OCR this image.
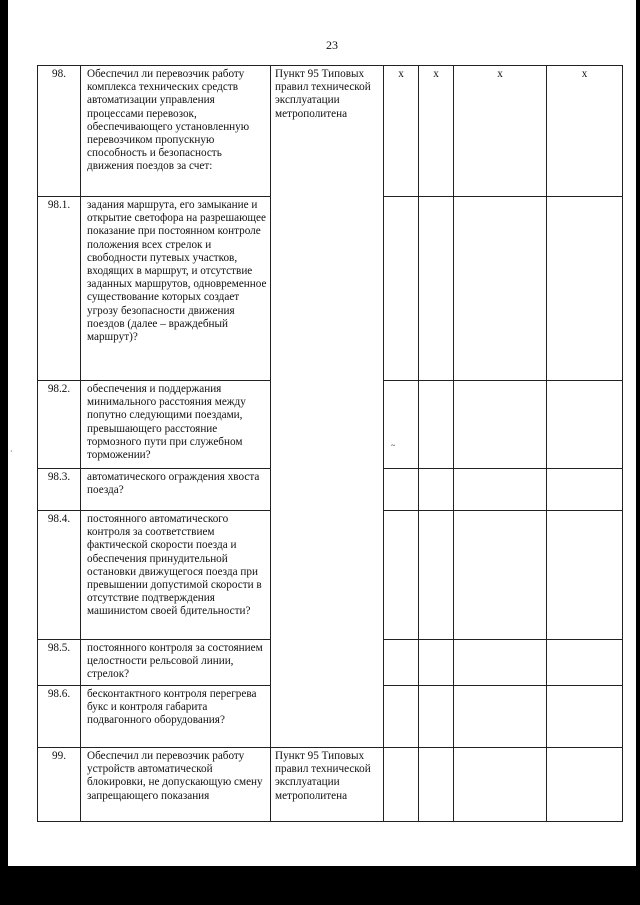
23
·
~
98.	Обеспечил ли перевозчик работу комплекса технических средств автоматизации управления процессами перевозок, обеспечивающего установленную перевозчиком пропускную способность и безопасность движения поездов за счет:	Пункт 95 Типовых правил технической эксплуатации метрополитена	x	x	x	x
98.1.	задания маршрута, его замыкание и открытие светофора на разрешающее показание при постоянном контроле положения всех стрелок и свободности путевых участков, входящих в маршрут, и отсутствие заданных маршрутов, одновременное существование которых создает угрозу безопасности движения поездов (далее – враждебный маршрут)?					
98.2.	обеспечения и поддержания минимального расстояния между попутно следующими поездами, превышающего расстояние тормозного пути при служебном торможении?					
98.3.	автоматического ограждения хвоста поезда?					
98.4.	постоянного автоматического контроля за соответствием фактической скорости поезда и обеспечения принудительной остановки движущегося поезда при превышении допустимой скорости в отсутствие подтверждения машинистом своей бдительности?					
98.5.	постоянного контроля за состоянием целостности рельсовой линии, стрелок?					
98.6.	бесконтактного контроля перегрева букс и контроля габарита подвагонного оборудования?					
99.	Обеспечил ли перевозчик работу устройств автоматической блокировки, не допускающую смену запрещающего показания	Пункт 95 Типовых правил технической эксплуатации метрополитена				
